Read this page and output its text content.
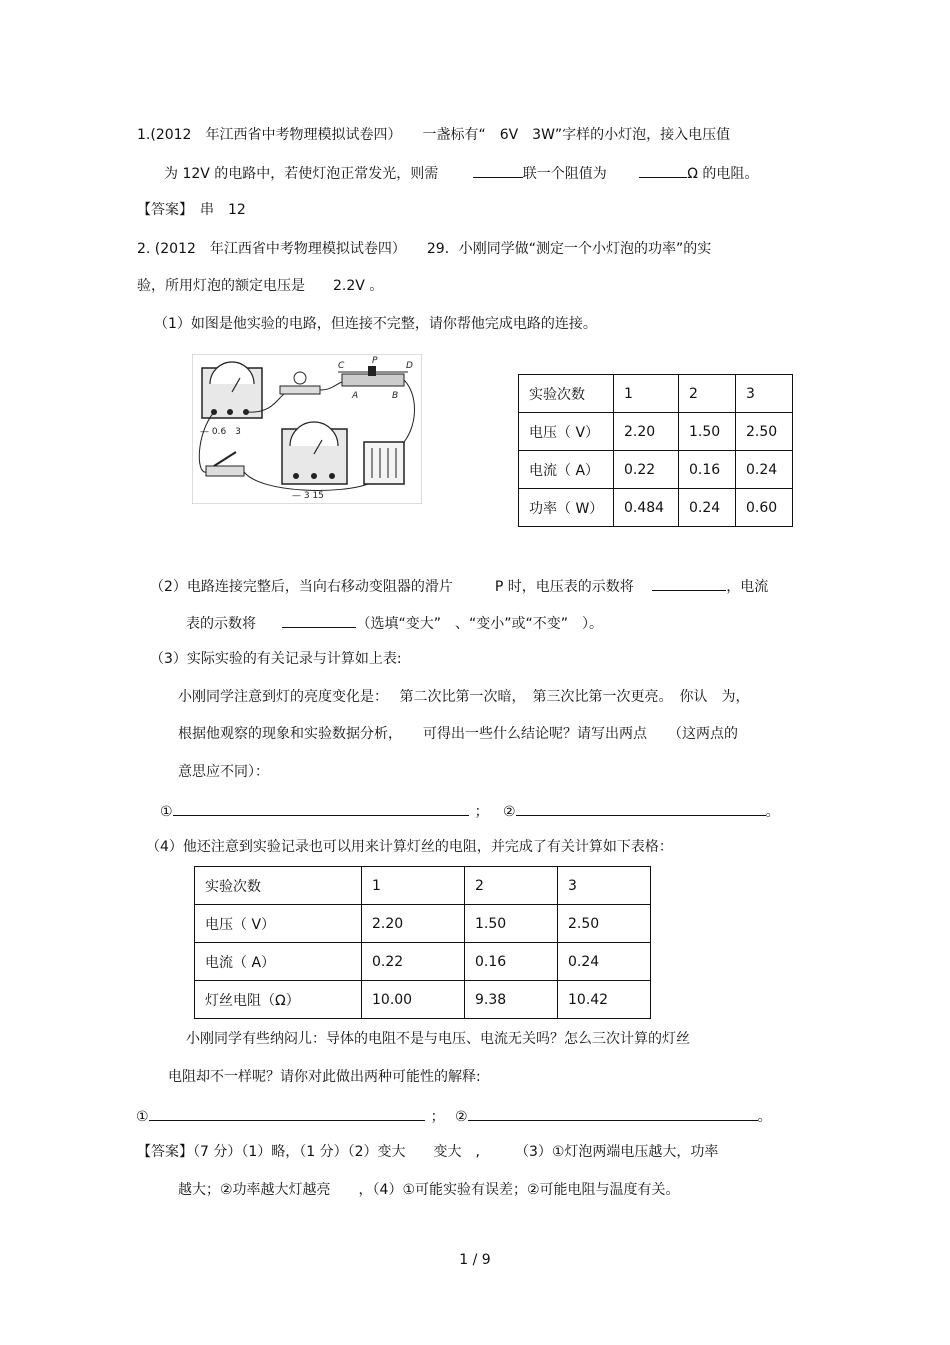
1.(2012　年江西省中考物理模拟试卷四）　　一盏标有“　6V　3W”字样的小灯泡，接入电压值
为 12V 的电路中，若使灯泡正常发光，则需	联一个阻值为	Ω 的电阻。
【答案】　串　12
2. (2012　年江西省中考物理模拟试卷四）　　29．小刚同学做“测定一个小灯泡的功率”的实
验，所用灯泡的额定电压是　　2.2V 。
（1）如图是他实验的电路，但连接不完整，请你帮他完成电路的连接。
— 0.6　3
C	P	D
A	B
— 3 15
实验次数	1	2	3
电压（ V）	2.20	1.50	2.50
电流（ A）	0.22	0.16	0.24
功率（ W）	0.484	0.24	0.60
（2）电路连接完整后，当向右移动变阻器的滑片　　　P 时，电压表的示数将	，电流
表的示数将	（选填“变大”　、“变小”或“不变”　）。
（3）实际实验的有关记录与计算如上表:
小刚同学注意到灯的亮度变化是：　 第二次比第一次暗，　第三次比第一次更亮。　你认　为，
根据他观察的现象和实验数据分析，　　可得出一些什么结论呢？请写出两点　　（这两点的
意思应不同）：
①	； ②	。
（4）他还注意到实验记录也可以用来计算灯丝的电阻，并完成了有关计算如下表格：
实验次数	1	2	3
电压（ V）	2.20	1.50	2.50
电流（ A）	0.22	0.16	0.24
灯丝电阻（Ω）	10.00	9.38	10.42
小刚同学有些纳闷儿：导体的电阻不是与电压、电流无关吗？怎么三次计算的灯丝
电阻却不一样呢？请你对此做出两种可能性的解释:
①	； ②	。
【答案】（7 分）（1）略，（1 分）（2）变大　　变大　,　　　（3）①灯泡两端电压越大，功率
越大；②功率越大灯越亮　　，（4）①可能实验有误差；②可能电阻与温度有关。
1 / 9
